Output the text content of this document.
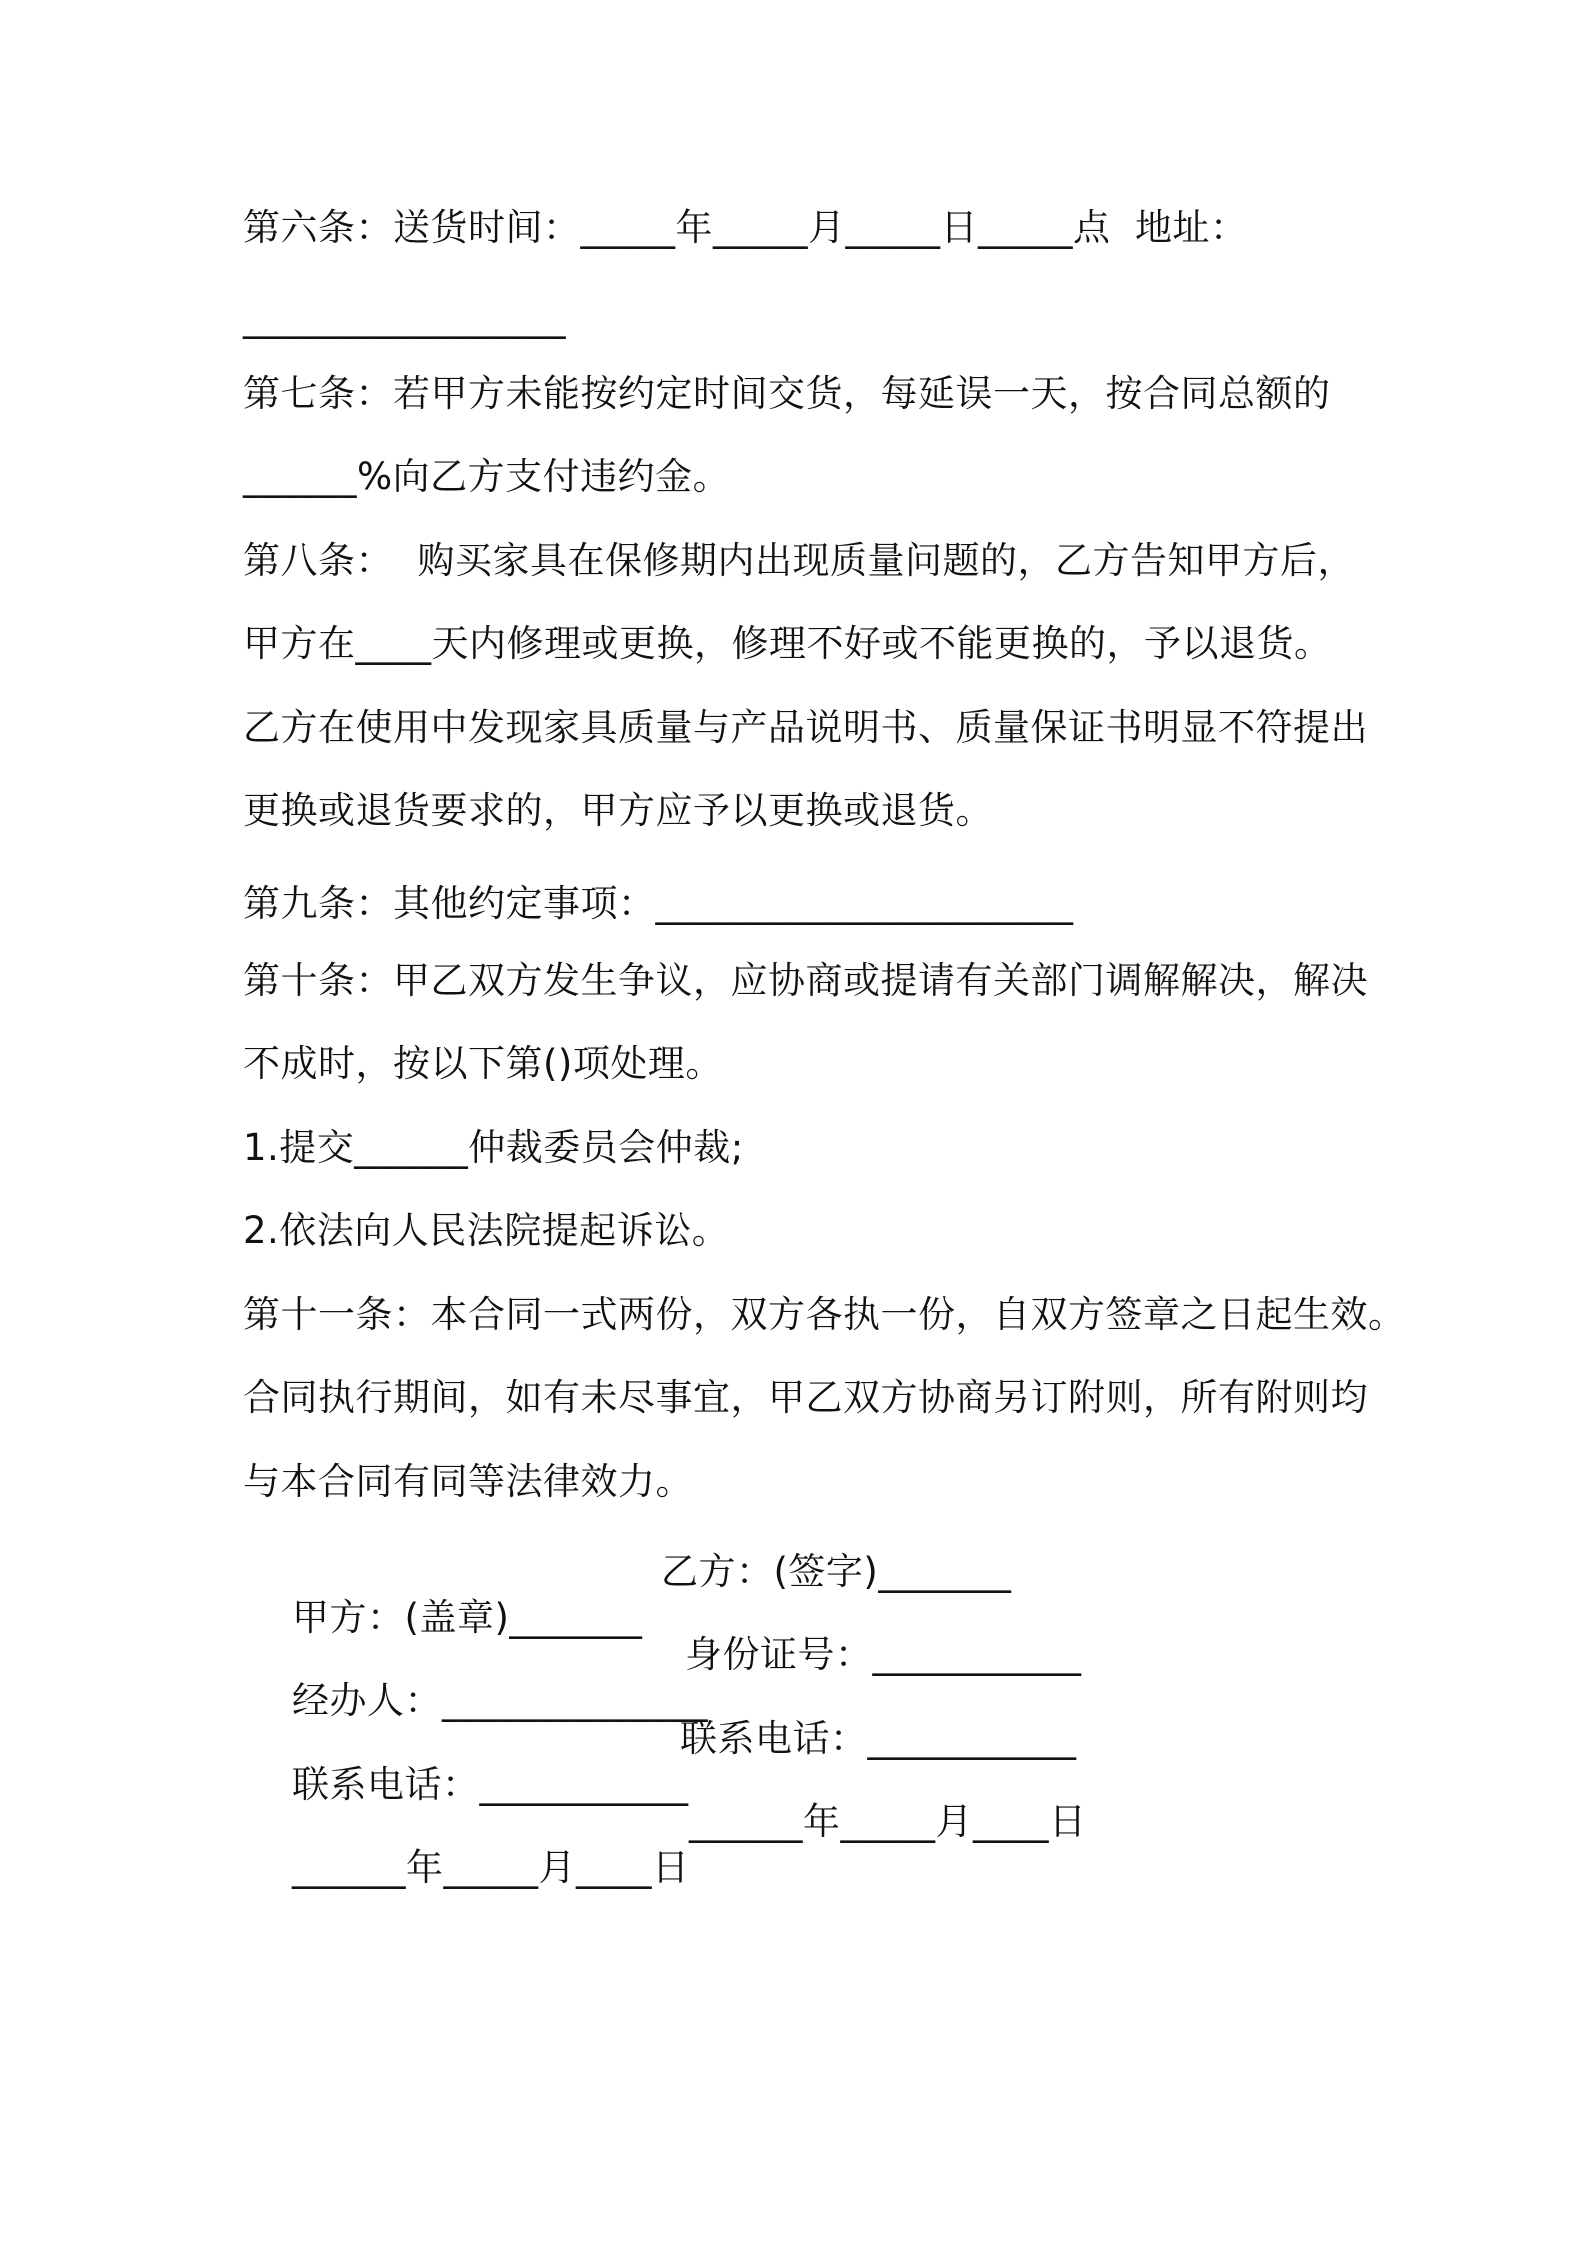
第六条：送货时间：_____年_____月_____日_____点  地址：
_________________
第七条：若甲方未能按约定时间交货，每延误一天，按合同总额的
______%向乙方支付违约金。
第八条：  购买家具在保修期内出现质量问题的，乙方告知甲方后，
甲方在____天内修理或更换，修理不好或不能更换的，予以退货。
乙方在使用中发现家具质量与产品说明书、质量保证书明显不符提出
更换或退货要求的，甲方应予以更换或退货。
第九条：其他约定事项：______________________
第十条：甲乙双方发生争议，应协商或提请有关部门调解解决，解决
不成时，按以下第()项处理。
1.提交______仲裁委员会仲裁;
2.依法向人民法院提起诉讼。
第十一条：本合同一式两份，双方各执一份，自双方签章之日起生效。
合同执行期间，如有未尽事宜，甲乙双方协商另订附则，所有附则均
与本合同有同等法律效力。

甲方：(盖章)_______

乙方：(签字)_______

经办人：______________

身份证号：___________

联系电话：___________

联系电话：___________

______年_____月____日

______年_____月____日
